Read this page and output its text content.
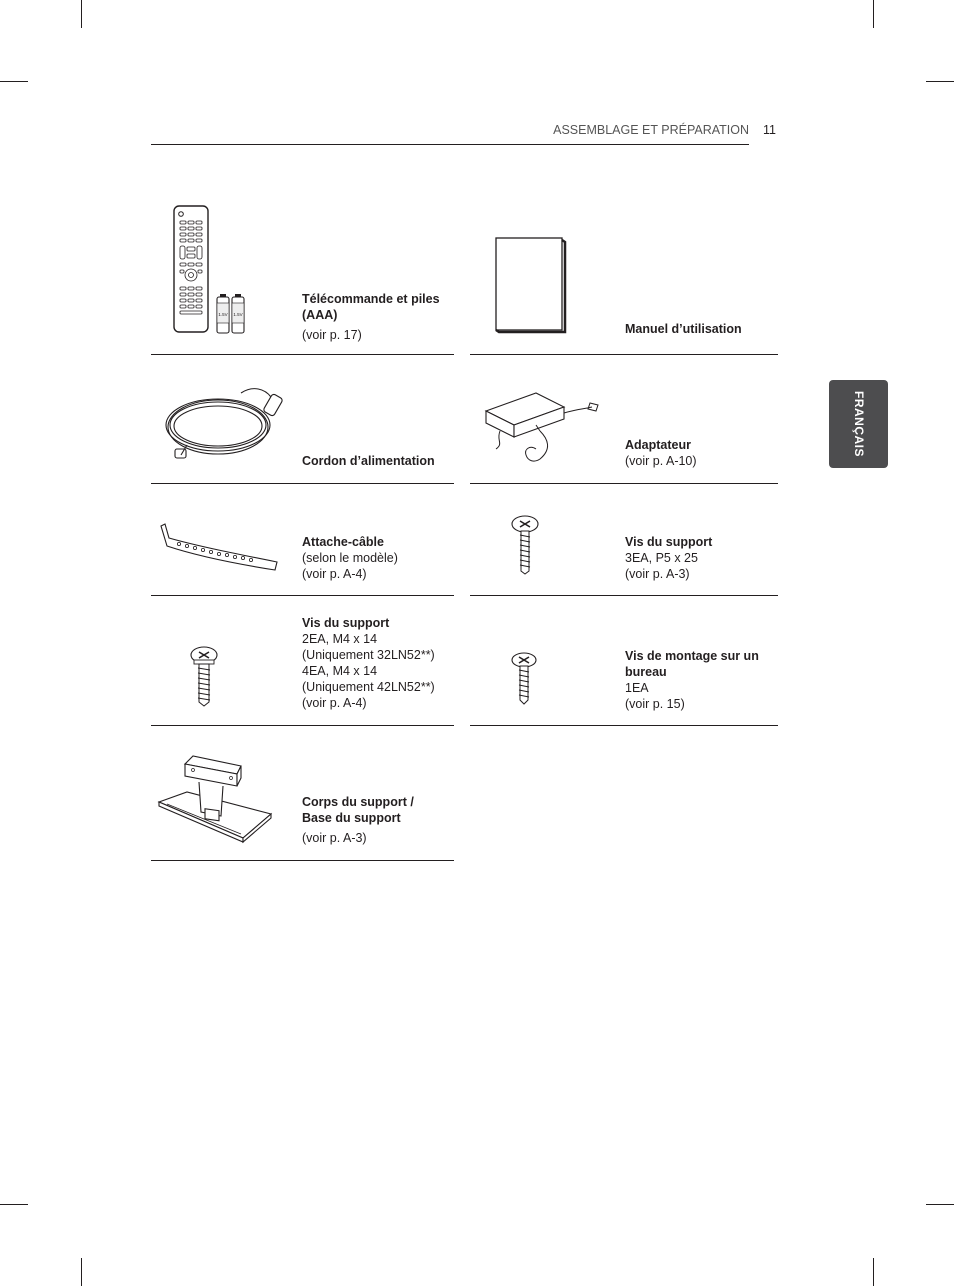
ASSEMBLAGE ET PRÉPARATION 11
FRANÇAIS
1.5V 1.5V
Télécommande et piles
(AAA)
(voir p. 17)	Manuel d’utilisation
Cordon d’alimentation
Adaptateur
(voir p. A-10)
Attache-câble
(selon le modèle)
(voir p. A-4)
Vis du support
3EA, P5 x 25
(voir p. A-3)
Vis du support
2EA, M4 x 14
(Uniquement 32LN52**)
4EA, M4 x 14
(Uniquement 42LN52**)
(voir p. A-4)
Vis de montage sur un
bureau
1EA
(voir p. 15)
Corps du support /
Base du support
(voir p. A-3)
